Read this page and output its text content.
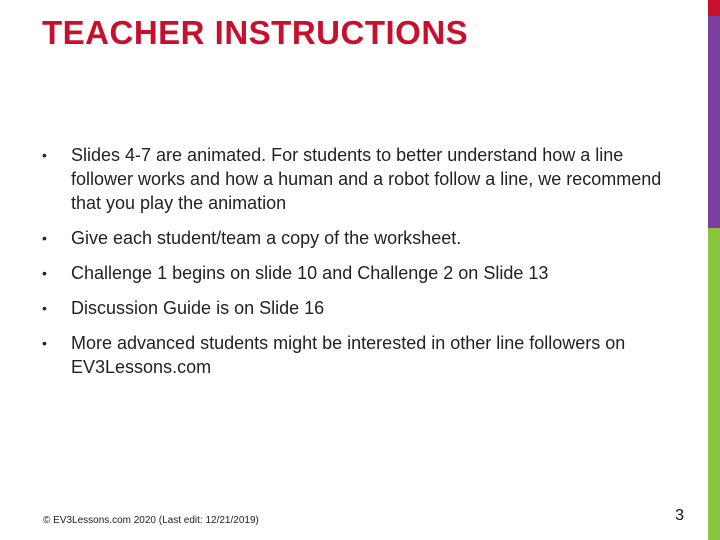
TEACHER INSTRUCTIONS
• Slides 4-7 are animated. For students to better understand how a line follower works and how a human and a robot follow a line, we recommend that you play the animation
• Give each student/team a copy of the worksheet.
• Challenge 1 begins on slide 10 and Challenge 2 on Slide 13
• Discussion Guide is on Slide 16
• More advanced students might be interested in other line followers on EV3Lessons.com
© EV3Lessons.com 2020 (Last edit: 12/21/2019)	3
